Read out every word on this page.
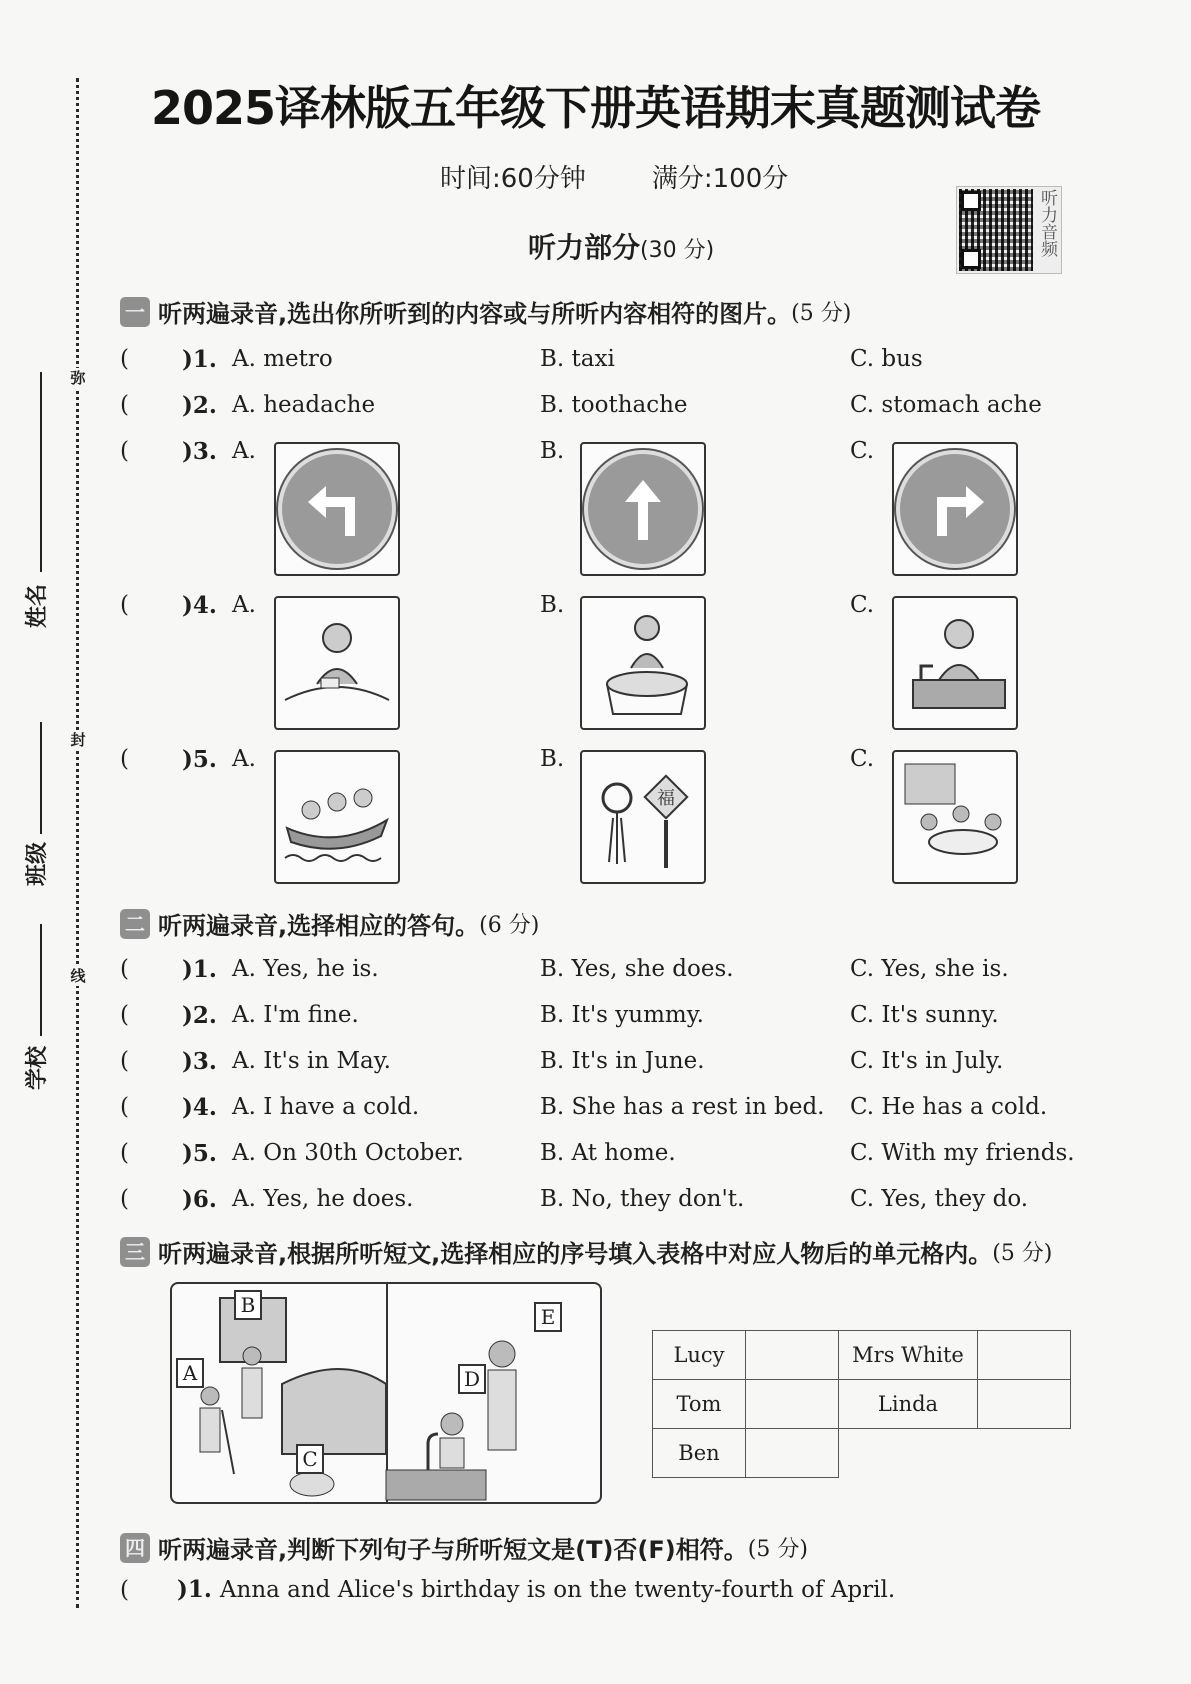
弥
封
线
姓名
班级
学校
2025译林版五年级下册英语期末真题测试卷
时间:60分钟	满分:100分
听力部分(30 分)	听力音频
一 听两遍录音,选出你所听到的内容或与所听内容相符的图片。 (5 分)
( )1. A. metro	B. taxi	C. bus
( )2. A. headache	B. toothache	C. stomach ache
( )3. A.	B.	C.
( )4. A.	B.	C.
( )5. A.	B.	C.
福
二 听两遍录音,选择相应的答句。 (6 分)
( )1. A. Yes, he is.	B. Yes, she does.	C. Yes, she is.
( )2. A. I'm fine.	B. It's yummy.	C. It's sunny.
( )3. A. It's in May.	B. It's in June.	C. It's in July.
( )4. A. I have a cold.	B. She has a rest in bed. C. He has a cold.
( )5. A. On 30th October.	B. At home.	C. With my friends.
( )6. A. Yes, he does.	B. No, they don't.	C. Yes, they do.
三 听两遍录音,根据所听短文,选择相应的序号填入表格中对应人物后的单元格内。 (5 分)
B
A
C
D
E
Lucy		Mrs White	
Tom		Linda	
Ben			
四 听两遍录音,判断下列句子与所听短文是(T)否(F)相符。 (5 分)
( )1. Anna and Alice's birthday is on the twenty-fourth of April.
